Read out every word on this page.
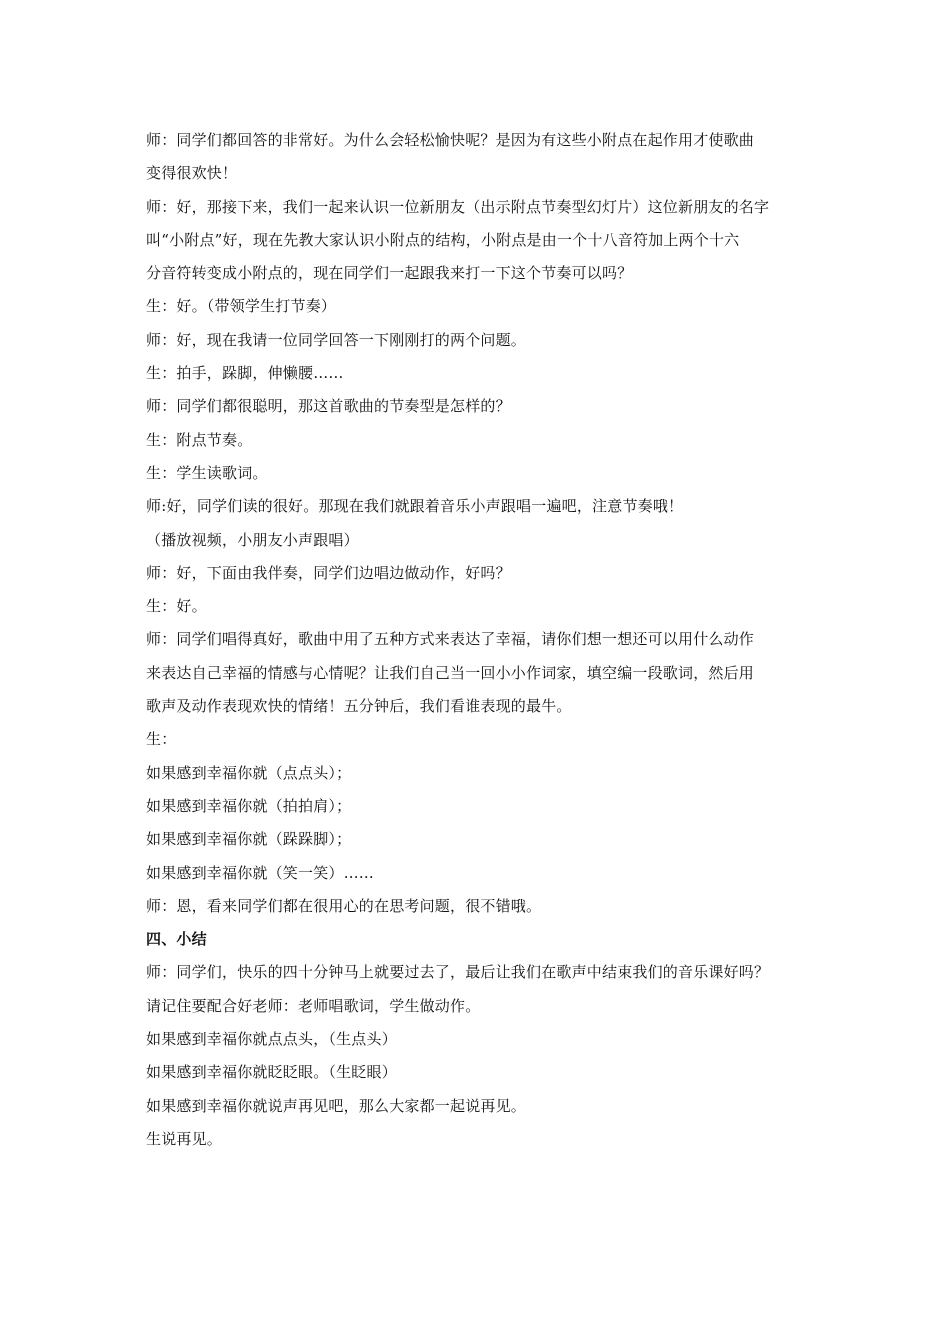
师：同学们都回答的非常好。为什么会轻松愉快呢？是因为有这些小附点在起作用才使歌曲
变得很欢快！
师：好，那接下来，我们一起来认识一位新朋友（出示附点节奏型幻灯片）这位新朋友的名字
叫“小附点”好，现在先教大家认识小附点的结构，小附点是由一个十八音符加上两个十六
分音符转变成小附点的，现在同学们一起跟我来打一下这个节奏可以吗？
生：好。（带领学生打节奏）
师：好，现在我请一位同学回答一下刚刚打的两个问题。
生：拍手，跺脚，伸懒腰……
师：同学们都很聪明，那这首歌曲的节奏型是怎样的？
生：附点节奏。
生：学生读歌词。
师:好，同学们读的很好。那现在我们就跟着音乐小声跟唱一遍吧，注意节奏哦！
（播放视频，小朋友小声跟唱）
师：好，下面由我伴奏，同学们边唱边做动作，好吗？
生：好。
师：同学们唱得真好，歌曲中用了五种方式来表达了幸福，请你们想一想还可以用什么动作
来表达自己幸福的情感与心情呢？让我们自己当一回小小作词家，填空编一段歌词，然后用
歌声及动作表现欢快的情绪！五分钟后，我们看谁表现的最牛。
生：
如果感到幸福你就（点点头）；
如果感到幸福你就（拍拍肩）；
如果感到幸福你就（跺跺脚）；
如果感到幸福你就（笑一笑）……
师：恩，看来同学们都在很用心的在思考问题，很不错哦。
四、小结
师：同学们，快乐的四十分钟马上就要过去了，最后让我们在歌声中结束我们的音乐课好吗？
请记住要配合好老师：老师唱歌词，学生做动作。
如果感到幸福你就点点头，（生点头）
如果感到幸福你就眨眨眼。（生眨眼）
如果感到幸福你就说声再见吧，那么大家都一起说再见。
生说再见。
